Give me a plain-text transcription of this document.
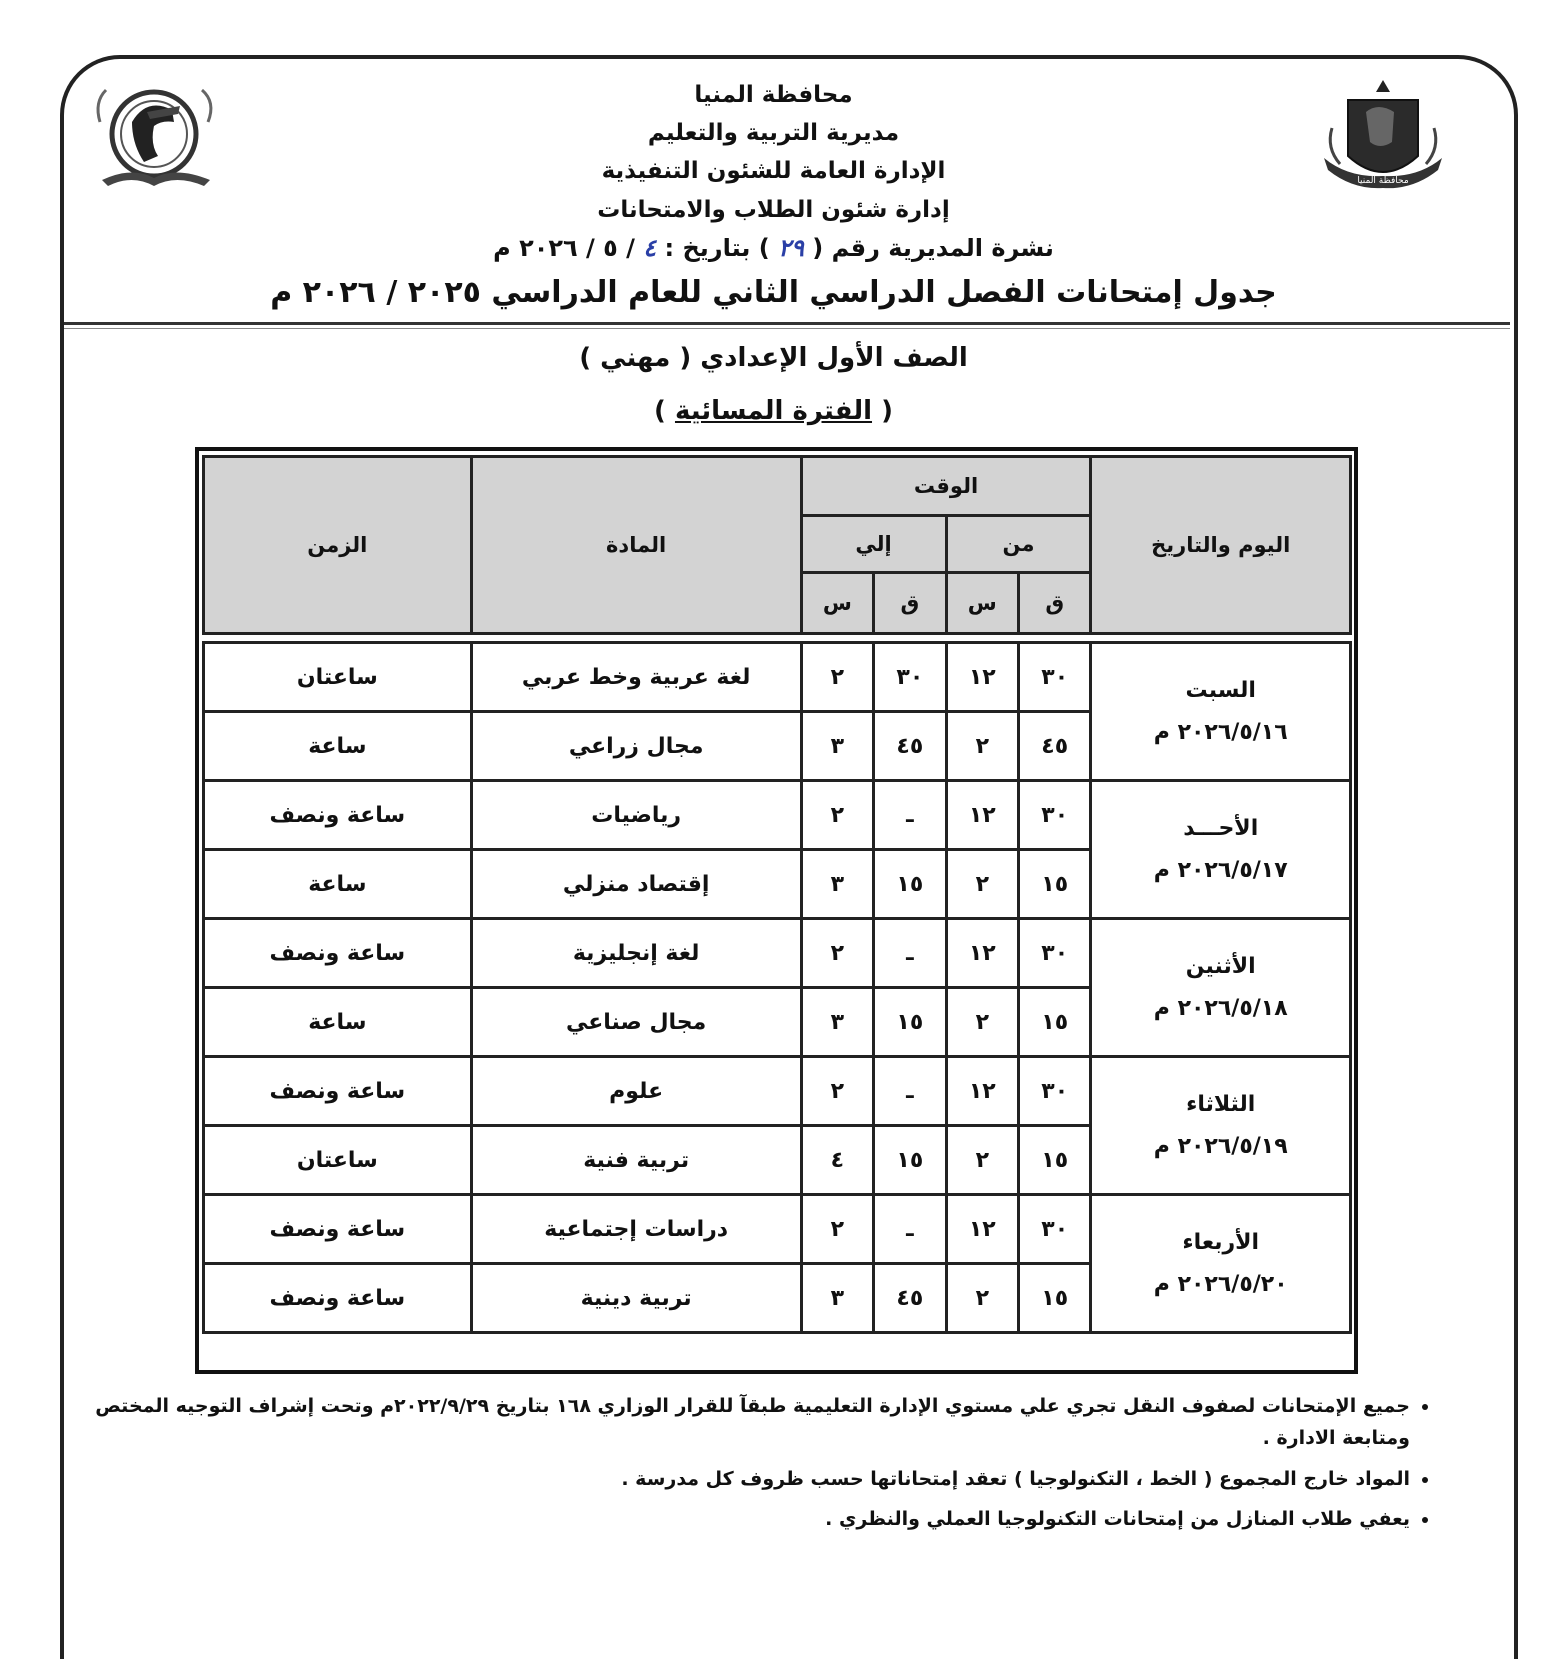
محافظة المنيا
محافظة المنيا
مديرية التربية والتعليم
الإدارة العامة للشئون التنفيذية
إدارة شئون الطلاب والامتحانات
نشرة المديرية رقم ( ٢٩ ) بتاريخ : ٤ / ٥ / ٢٠٢٦ م
جدول إمتحانات الفصل الدراسي الثاني للعام الدراسي ٢٠٢٥ / ٢٠٢٦ م
الصف الأول الإعدادي ( مهني )
( الفترة المسائية )
اليوم والتاريخ	الوقت				المادة	الزمن
	من		إلي			
	ق	س	ق	س		

السبت
٢٠٢٦/٥/١٦ م	٣٠	١٢	٣٠	٢	لغة عربية وخط عربي	ساعتان
	٤٥	٢	٤٥	٣	مجال زراعي	ساعة

الأحـــد
٢٠٢٦/٥/١٧ م	٣٠	١٢	ـ	٢	رياضيات	ساعة ونصف
	١٥	٢	١٥	٣	إقتصاد منزلي	ساعة

الأثنين
٢٠٢٦/٥/١٨ م	٣٠	١٢	ـ	٢	لغة إنجليزية	ساعة ونصف
	١٥	٢	١٥	٣	مجال صناعي	ساعة

الثلاثاء
٢٠٢٦/٥/١٩ م	٣٠	١٢	ـ	٢	علوم	ساعة ونصف
	١٥	٢	١٥	٤	تربية فنية	ساعتان

الأربعاء
٢٠٢٦/٥/٢٠ م	٣٠	١٢	ـ	٢	دراسات إجتماعية	ساعة ونصف
	١٥	٢	٤٥	٣	تربية دينية	ساعة ونصف
• جميع الإمتحانات لصفوف النقل تجري علي مستوي الإدارة التعليمية طبقآ للقرار الوزاري ١٦٨ بتاريخ ٢٠٢٢/٩/٢٩م وتحت إشراف التوجيه المختص ومتابعة الادارة .
• المواد خارج المجموع ( الخط ، التكنولوجيا ) تعقد إمتحاناتها حسب ظروف كل مدرسة .
• يعفي طلاب المنازل من إمتحانات التكنولوجيا العملي والنظري .
